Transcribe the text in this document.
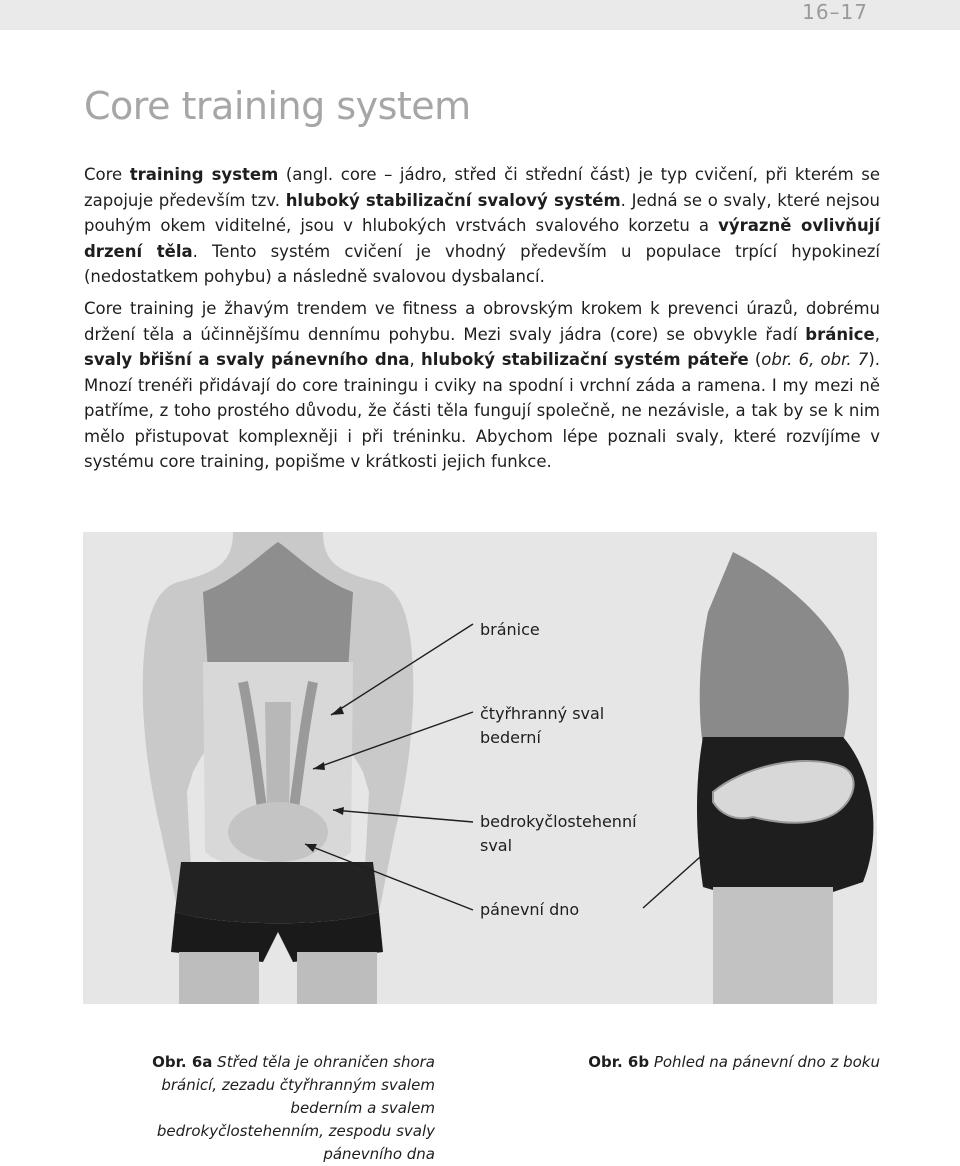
16–17
Core training system

Core training system (angl. core – jádro, střed či střední část) je typ cvičení, při kterém se zapojuje především tzv. hluboký stabilizační svalový systém. Jedná se o svaly, které nejsou pouhým okem viditelné, jsou v hlubokých vrstvách svalového korzetu a výrazně ovlivňují drzení těla. Tento systém cvičení je vhodný především u populace trpící hypokinezí (nedostatkem pohybu) a následně svalovou dysbalancí.

Core training je žhavým trendem ve fitness a obrovským krokem k prevenci úrazů, dobrému držení těla a účinnějšímu dennímu pohybu. Mezi svaly jádra (core) se obvykle řadí bránice, svaly břišní a svaly pánevního dna, hluboký stabilizační systém páteře (obr. 6, obr. 7). Mnozí trenéři přidávají do core trainingu i cviky na spodní i vrchní záda a ramena. I my mezi ně patříme, z toho prostého důvodu, že části těla fungují společně, ne nezávisle, a tak by se k nim mělo přistupovat komplexněji i při tréninku. Abychom lépe poznali svaly, které rozvíjíme v systému core training, popišme v krátkosti jejich funkce.

bránice
čtyřhranný sval
bederní
bedrokyčlostehenní
sval
pánevní dno
Obr. 6a Střed těla je ohraničen shora bránicí, zezadu čtyřhranným svalem bederním a svalem bedrokyčlostehenním, zespodu svaly pánevního dna
Obr. 6b Pohled na pánevní dno z boku
